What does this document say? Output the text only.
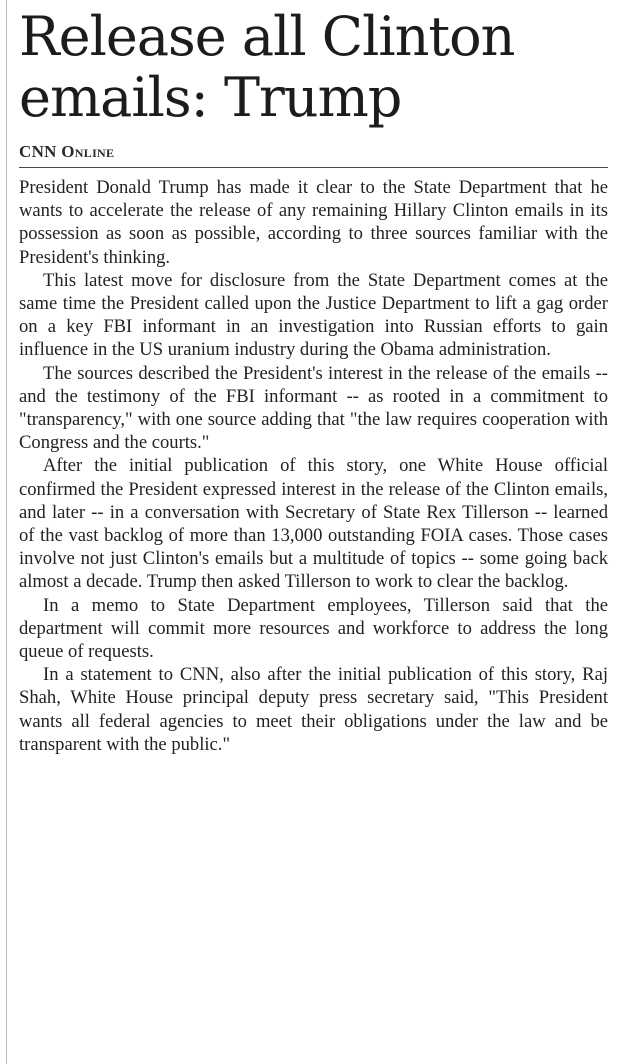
Release all Clinton emails: Trump
CNN Online

President Donald Trump has made it clear to the State Department that he wants to accelerate the release of any remaining Hillary Clinton emails in its possession as soon as possible, according to three sources familiar with the President's thinking.

This latest move for disclosure from the State Department comes at the same time the President called upon the Justice Department to lift a gag order on a key FBI informant in an investigation into Russian efforts to gain influence in the US uranium industry during the Obama administration.

The sources described the President's interest in the release of the emails -- and the testimony of the FBI informant -- as rooted in a commitment to "transparency," with one source adding that "the law requires cooperation with Congress and the courts."

After the initial publication of this story, one White House official confirmed the President expressed interest in the release of the Clinton emails, and later -- in a conversation with Secretary of State Rex Tillerson -- learned of the vast backlog of more than 13,000 outstanding FOIA cases. Those cases involve not just Clinton's emails but a multitude of topics -- some going back almost a decade. Trump then asked Tillerson to work to clear the backlog.

In a memo to State Department employees, Tillerson said that the department will commit more resources and workforce to address the long queue of requests.

In a statement to CNN, also after the initial publication of this story, Raj Shah, White House principal deputy press secretary said, "This President wants all federal agencies to meet their obligations under the law and be transparent with the public."
